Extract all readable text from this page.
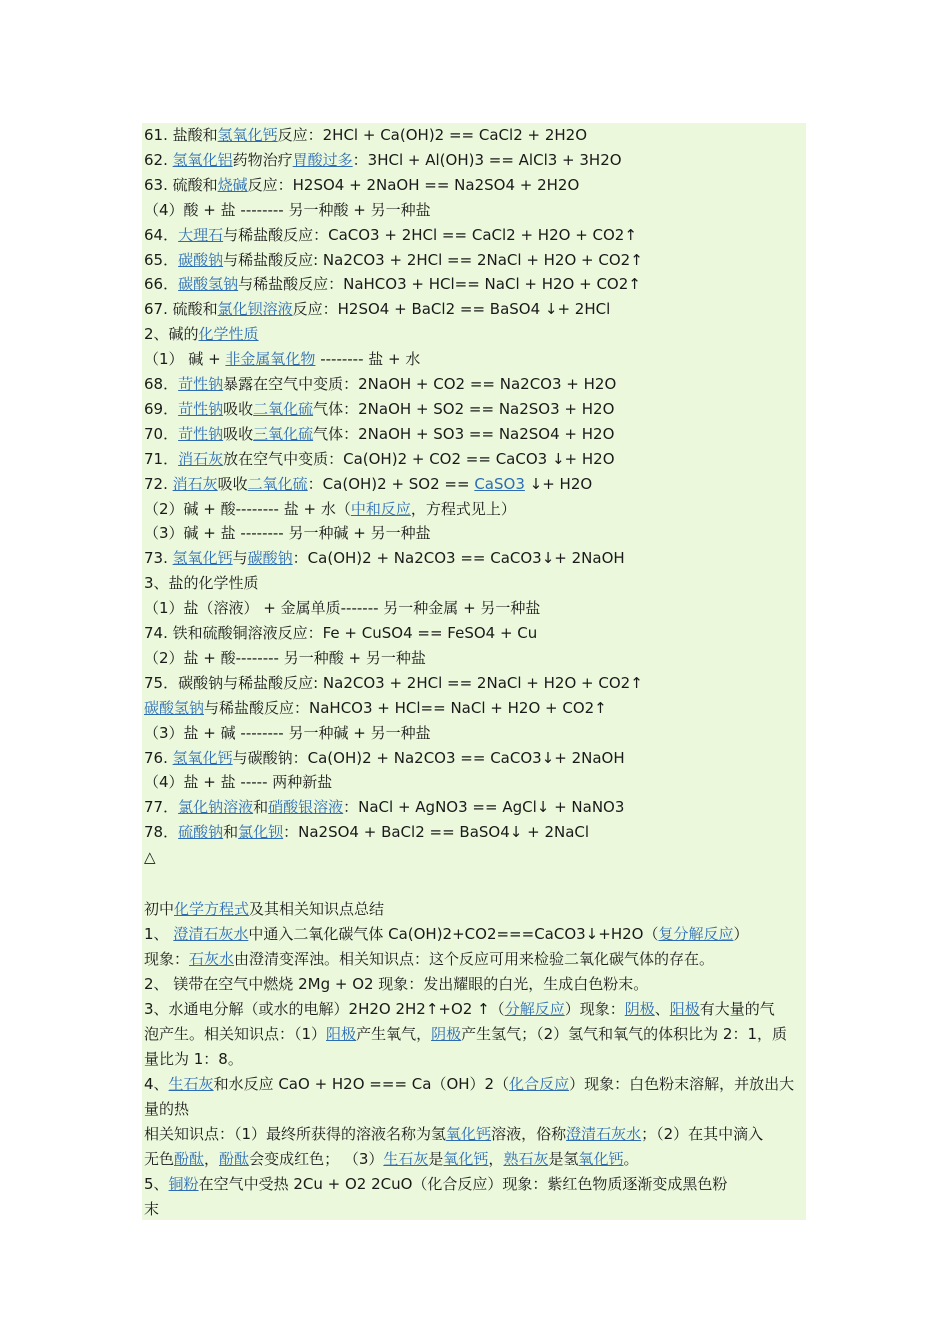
61. 盐酸和氢氧化钙反应：2HCl + Ca(OH)2 == CaCl2 + 2H2O
62. 氢氧化铝药物治疗胃酸过多：3HCl + Al(OH)3 == AlCl3 + 3H2O
63. 硫酸和烧碱反应：H2SO4 + 2NaOH == Na2SO4 + 2H2O
（4）酸 + 盐 -------- 另一种酸 + 另一种盐
64．大理石与稀盐酸反应：CaCO3 + 2HCl == CaCl2 + H2O + CO2↑
65．碳酸钠与稀盐酸反应: Na2CO3 + 2HCl == 2NaCl + H2O + CO2↑
66．碳酸氢钠与稀盐酸反应：NaHCO3 + HCl== NaCl + H2O + CO2↑
67. 硫酸和氯化钡溶液反应：H2SO4 + BaCl2 == BaSO4 ↓+ 2HCl
2、碱的化学性质
（1） 碱 + 非金属氧化物 -------- 盐 + 水
68．苛性钠暴露在空气中变质：2NaOH + CO2 == Na2CO3 + H2O
69．苛性钠吸收二氧化硫气体：2NaOH + SO2 == Na2SO3 + H2O
70．苛性钠吸收三氧化硫气体：2NaOH + SO3 == Na2SO4 + H2O
71．消石灰放在空气中变质：Ca(OH)2 + CO2 == CaCO3 ↓+ H2O
72. 消石灰吸收二氧化硫：Ca(OH)2 + SO2 == CaSO3 ↓+ H2O
（2）碱 + 酸-------- 盐 + 水（中和反应，方程式见上）
（3）碱 + 盐 -------- 另一种碱 + 另一种盐
73. 氢氧化钙与碳酸钠：Ca(OH)2 + Na2CO3 == CaCO3↓+ 2NaOH
3、盐的化学性质
（1）盐（溶液） + 金属单质------- 另一种金属 + 另一种盐
74. 铁和硫酸铜溶液反应：Fe + CuSO4 == FeSO4 + Cu
（2）盐 + 酸-------- 另一种酸 + 另一种盐
75．碳酸钠与稀盐酸反应: Na2CO3 + 2HCl == 2NaCl + H2O + CO2↑
碳酸氢钠与稀盐酸反应：NaHCO3 + HCl== NaCl + H2O + CO2↑
（3）盐 + 碱 -------- 另一种碱 + 另一种盐
76. 氢氧化钙与碳酸钠：Ca(OH)2 + Na2CO3 == CaCO3↓+ 2NaOH
（4）盐 + 盐 ----- 两种新盐
77．氯化钠溶液和硝酸银溶液：NaCl + AgNO3 == AgCl↓ + NaNO3
78．硫酸钠和氯化钡：Na2SO4 + BaCl2 == BaSO4↓ + 2NaCl
△
初中化学方程式及其相关知识点总结
1、 澄清石灰水中通入二氧化碳气体 Ca(OH)2+CO2===CaCO3↓+H2O（复分解反应）
现象：石灰水由澄清变浑浊。相关知识点：这个反应可用来检验二氧化碳气体的存在。
2、 镁带在空气中燃烧 2Mg + O2 现象：发出耀眼的白光，生成白色粉末。
3、水通电分解（或水的电解）2H2O 2H2↑+O2 ↑（分解反应）现象：阴极、阳极有大量的气
泡产生。相关知识点：（1）阳极产生氧气，阴极产生氢气；（2）氢气和氧气的体积比为 2：1，质
量比为 1：8。
4、生石灰和水反应 CaO + H2O === Ca（OH）2（化合反应）现象：白色粉末溶解，并放出大
量的热
相关知识点：（1）最终所获得的溶液名称为氢氧化钙溶液，俗称澄清石灰水；（2）在其中滴入
无色酚酞，酚酞会变成红色； （3）生石灰是氧化钙，熟石灰是氢氧化钙。
5、铜粉在空气中受热 2Cu + O2 2CuO（化合反应）现象：紫红色物质逐渐变成黑色粉
末
